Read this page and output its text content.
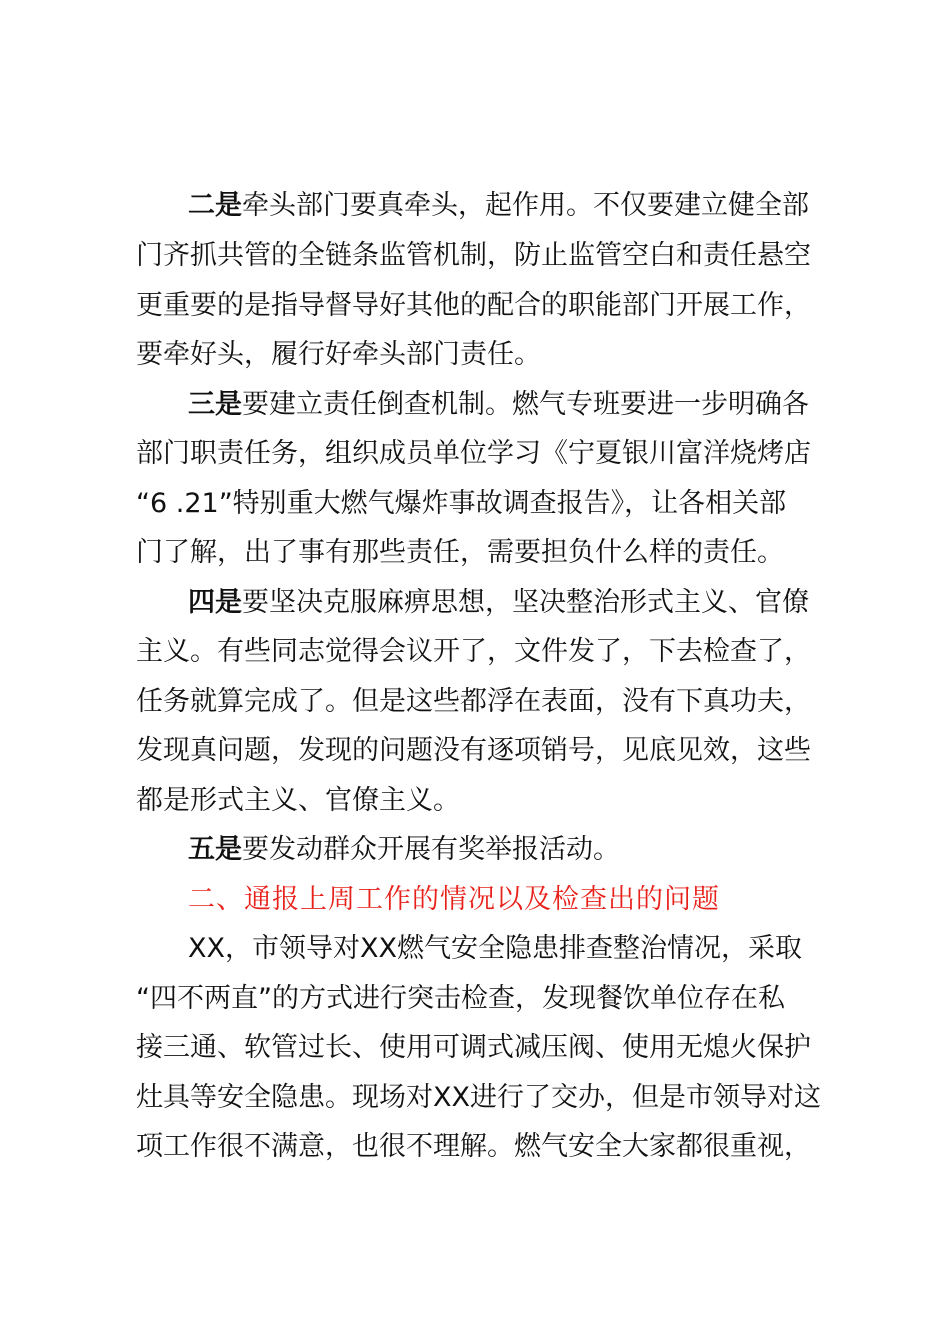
二是牵头部门要真牵头，起作用。不仅要建立健全部
门齐抓共管的全链条监管机制，防止监管空白和责任悬空
更重要的是指导督导好其他的配合的职能部门开展工作，
要牵好头，履行好牵头部门责任。
三是要建立责任倒查机制。燃气专班要进一步明确各
部门职责任务，组织成员单位学习《宁夏银川富洋烧烤店
“6 .21”特别重大燃气爆炸事故调查报告》，让各相关部
门了解，出了事有那些责任，需要担负什么样的责任。
四是要坚决克服麻痹思想，坚决整治形式主义、官僚
主义。有些同志觉得会议开了，文件发了，下去检查了，
任务就算完成了。但是这些都浮在表面，没有下真功夫，
发现真问题，发现的问题没有逐项销号，见底见效，这些
都是形式主义、官僚主义。
五是要发动群众开展有奖举报活动。
二、通报上周工作的情况以及检查出的问题
XX，市领导对XX燃气安全隐患排查整治情况，采取
“四不两直”的方式进行突击检查，发现餐饮单位存在私
接三通、软管过长、使用可调式减压阀、使用无熄火保护
灶具等安全隐患。现场对XX进行了交办，但是市领导对这
项工作很不满意，也很不理解。燃气安全大家都很重视，
